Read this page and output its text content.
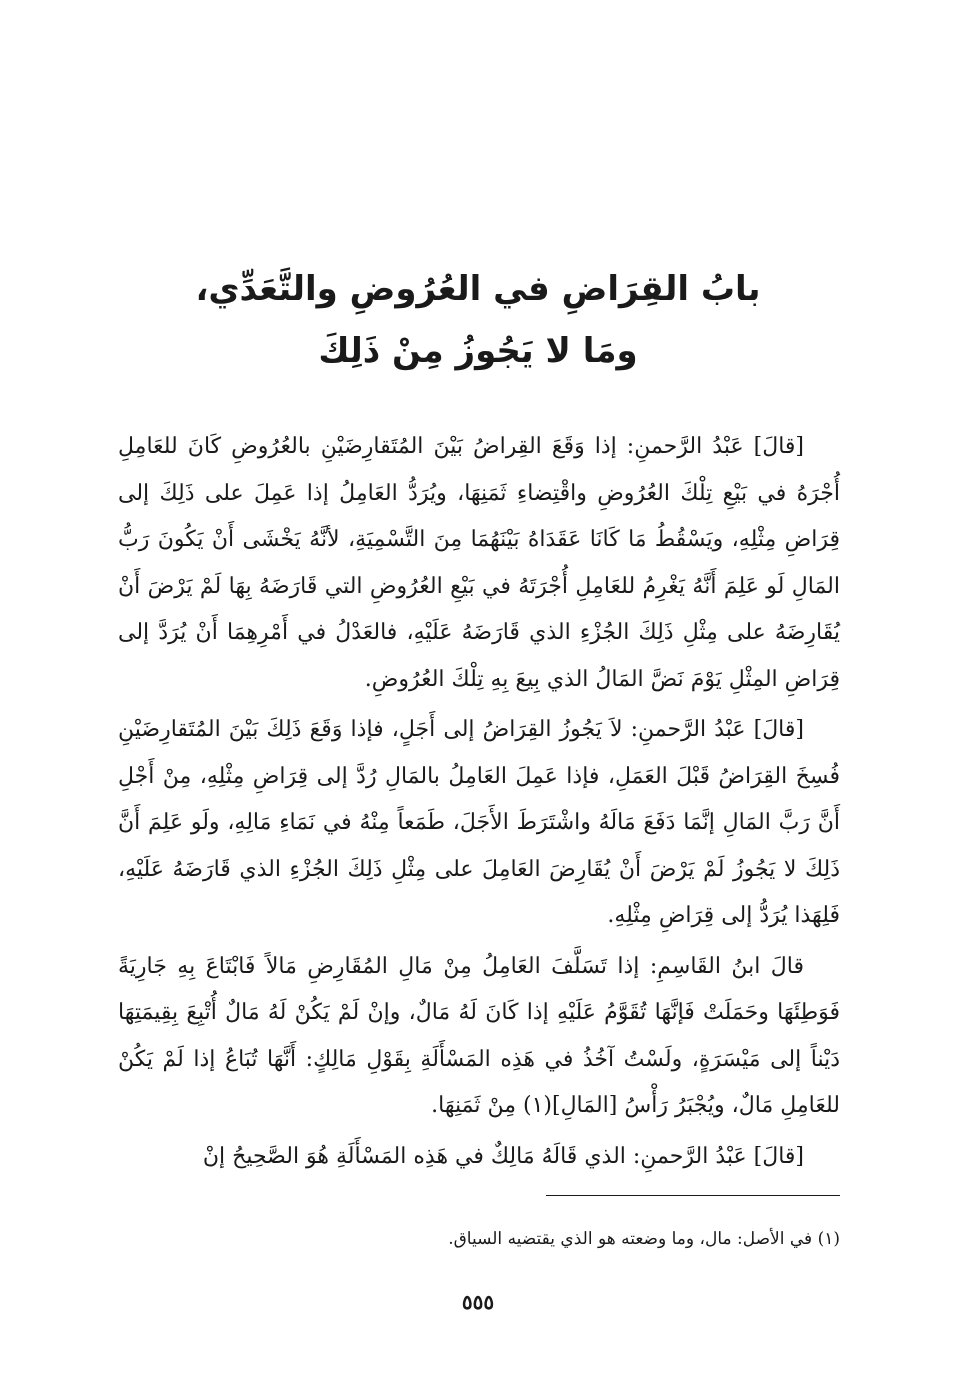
بابُ القِرَاضِ في العُرُوضِ والتَّعَدِّي،
ومَا لا يَجُوزُ مِنْ ذَلِكَ

[قالَ] عَبْدُ الرَّحمنِ: إذا وَقَعَ القِراضُ بَيْنَ المُتَقارِضَيْنِ بالعُرُوضِ كَانَ للعَامِلِ أُجْرَهُ في بَيْعِ تِلْكَ العُرُوضِ واقْتِضاءِ ثَمَنِهَا، ويُرَدُّ العَامِلُ إذا عَمِلَ على ذَلِكَ إلى قِرَاضِ مِثْلِهِ، ويَسْقُطُ مَا كَانَا عَقَدَاهُ بَيْنَهُمَا مِنَ التَّسْمِيَةِ، لأنَّهُ يَخْشَى أَنْ يَكُونَ رَبُّ المَالِ لَو عَلِمَ أَنَّهُ يَغْرِمُ للعَامِلِ أُجْرَتَهُ في بَيْعِ العُرُوضِ التي قَارَضَهُ بِهَا لَمْ يَرْضَ أَنْ يُقَارِضَهُ على مِثْلِ ذَلِكَ الجُزْءِ الذي قَارَضَهُ عَلَيْهِ، فالعَدْلُ في أَمْرِهِمَا أَنْ يُرَدَّ إلى قِرَاضِ المِثْلِ يَوْمَ نَضَّ المَالُ الذي بِيعَ بِهِ تِلْكَ العُرُوضِ.

[قالَ] عَبْدُ الرَّحمنِ: لاَ يَجُوزُ القِرَاضُ إلى أَجَلٍ، فإذا وَقَعَ ذَلِكَ بَيْنَ المُتَقارِضَيْنِ فُسِخَ القِرَاضُ قَبْلَ العَمَلِ، فإذا عَمِلَ العَامِلُ بالمَالِ رُدَّ إلى قِرَاضِ مِثْلِهِ، مِنْ أَجْلِ أَنَّ رَبَّ المَالِ إنَّمَا دَفَعَ مَالَهُ واشْتَرَطَ الأَجَلَ، طَمَعاً مِنْهُ في نَمَاءِ مَالِهِ، ولَو عَلِمَ أَنَّ ذَلِكَ لا يَجُوزُ لَمْ يَرْضَ أَنْ يُقَارِضَ العَامِلَ على مِثْلِ ذَلِكَ الجُزْءِ الذي قَارَضَهُ عَلَيْهِ، فَلِهَذا يُرَدُّ إلى قِرَاضِ مِثْلِهِ.

قالَ ابنُ القَاسِمِ: إذا تَسَلَّفَ العَامِلُ مِنْ مَالِ المُقَارِضِ مَالاً فَابْتَاعَ بِهِ جَارِيَةً فَوَطِئَهَا وحَمَلَتْ فَإنَّهَا تُقَوَّمُ عَلَيْهِ إذا كَانَ لَهُ مَالٌ، وإنْ لَمْ يَكُنْ لَهُ مَالٌ أُتْبِعَ بِقِيمَتِهَا دَيْناً إلى مَيْسَرَةٍ، ولَسْتُ آخُذُ في هَذِه المَسْأَلَةِ بِقَوْلِ مَالِكٍ: أَنَّهَا تُبَاعُ إذا لَمْ يَكُنْ للعَامِلِ مَالٌ، ويُجْبَرُ رَأْسُ [المَالِ](١) مِنْ ثَمَنِهَا.

[قالَ] عَبْدُ الرَّحمنِ: الذي قَالَهُ مَالِكٌ في هَذِه المَسْأَلَةِ هُوَ الصَّحِيحُ إنْ

(١) في الأصل: مال، وما وضعته هو الذي يقتضيه السياق.
٥٥٥
